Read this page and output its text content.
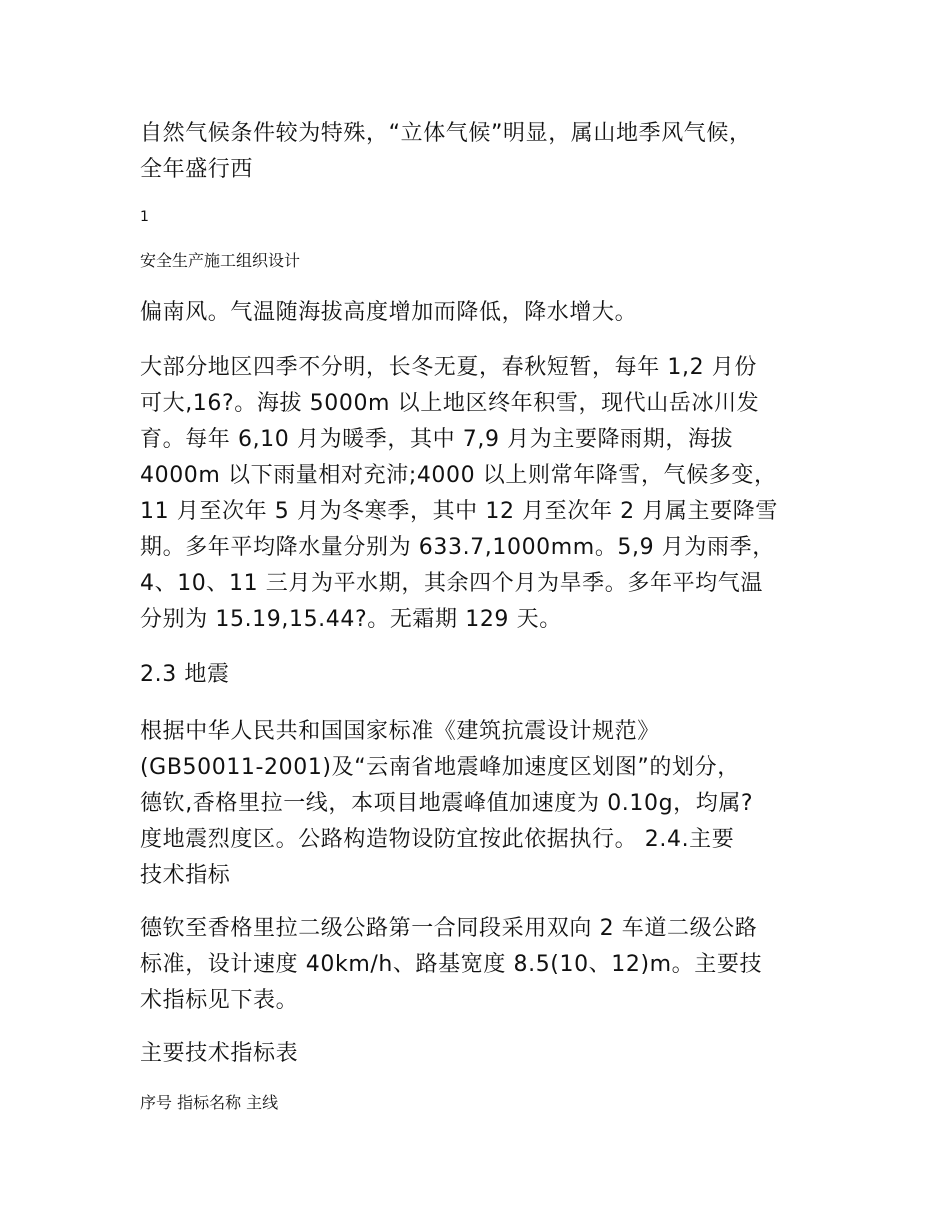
自然气候条件较为特殊，“立体气候”明显，属山地季风气候，
全年盛行西
1
安全生产施工组织设计
偏南风。气温随海拔高度增加而降低，降水增大。
大部分地区四季不分明，长冬无夏，春秋短暂，每年 1,2 月份
可大,16?。海拔 5000m 以上地区终年积雪，现代山岳冰川发
育。每年 6,10 月为暖季，其中 7,9 月为主要降雨期，海拔
4000m 以下雨量相对充沛;4000 以上则常年降雪，气候多变，
11 月至次年 5 月为冬寒季，其中 12 月至次年 2 月属主要降雪
期。多年平均降水量分别为 633.7,1000mm。5,9 月为雨季，
4、10、11 三月为平水期，其余四个月为旱季。多年平均气温
分别为 15.19,15.44?。无霜期 129 天。
2.3 地震
根据中华人民共和国国家标准《建筑抗震设计规范》
(GB50011-2001)及“云南省地震峰加速度区划图”的划分，
德钦,香格里拉一线，本项目地震峰值加速度为 0.10g，均属?
度地震烈度区。公路构造物设防宜按此依据执行。 2.4.主要
技术指标
德钦至香格里拉二级公路第一合同段采用双向 2 车道二级公路
标准，设计速度 40km/h、路基宽度 8.5(10、12)m。主要技
术指标见下表。
主要技术指标表
序号 指标名称 主线
